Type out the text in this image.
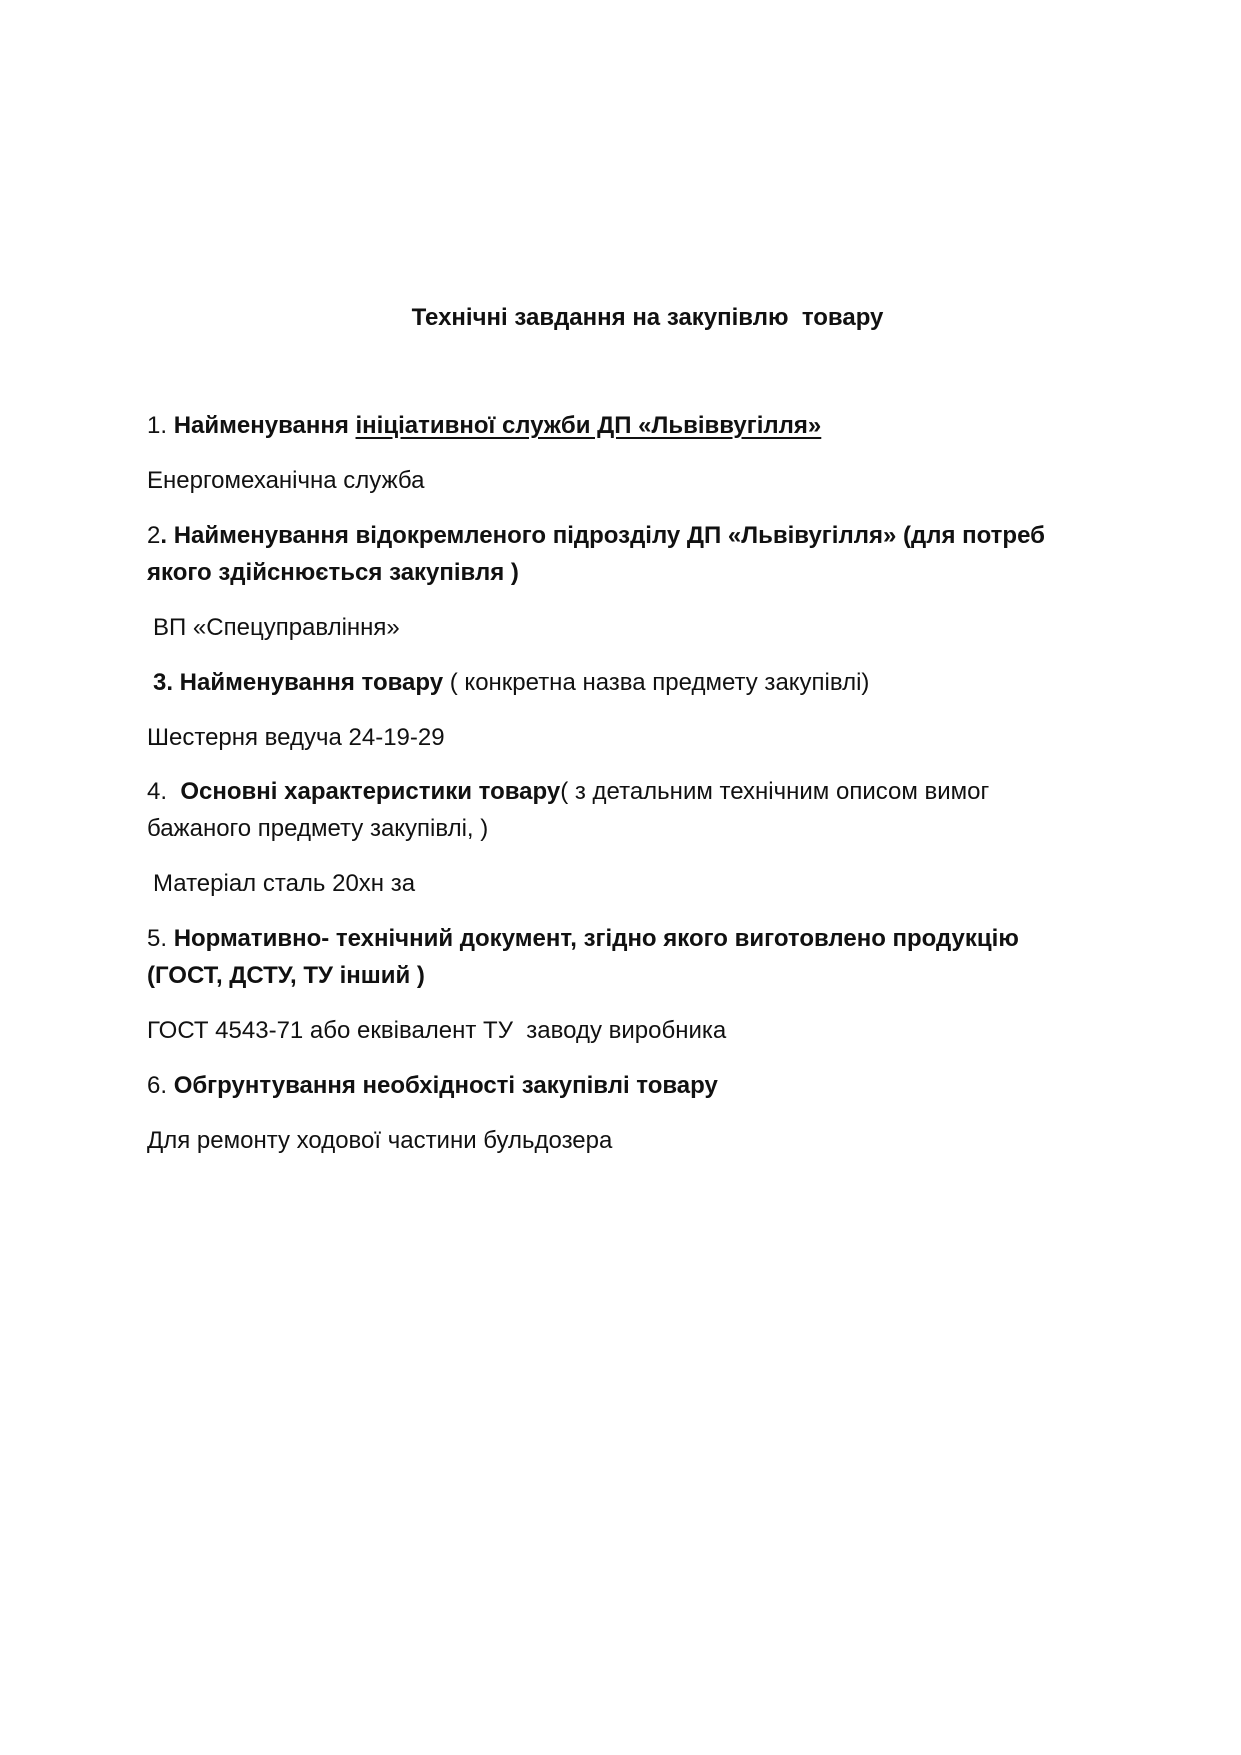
Технічні завдання на закупівлю  товару
1. Найменування ініціативної служби ДП «Львіввугілля»
Енергомеханічна служба
2. Найменування відокремленого підрозділу ДП «Львівугілля» (для потреб
якого здійснюється закупівля )
ВП «Спецуправління»
3. Найменування товару ( конкретна назва предмету закупівлі)
Шестерня ведуча 24-19-29
4.  Основні характеристики товару( з детальним технічним описом вимог
бажаного предмету закупівлі, )
Матеріал сталь 20хн за
5. Нормативно- технічний документ, згідно якого виготовлено продукцію
(ГОСТ, ДСТУ, ТУ інший )
ГОСТ 4543-71 або еквівалент ТУ  заводу виробника
6. Обгрунтування необхідності закупівлі товару
Для ремонту ходової частини бульдозера
